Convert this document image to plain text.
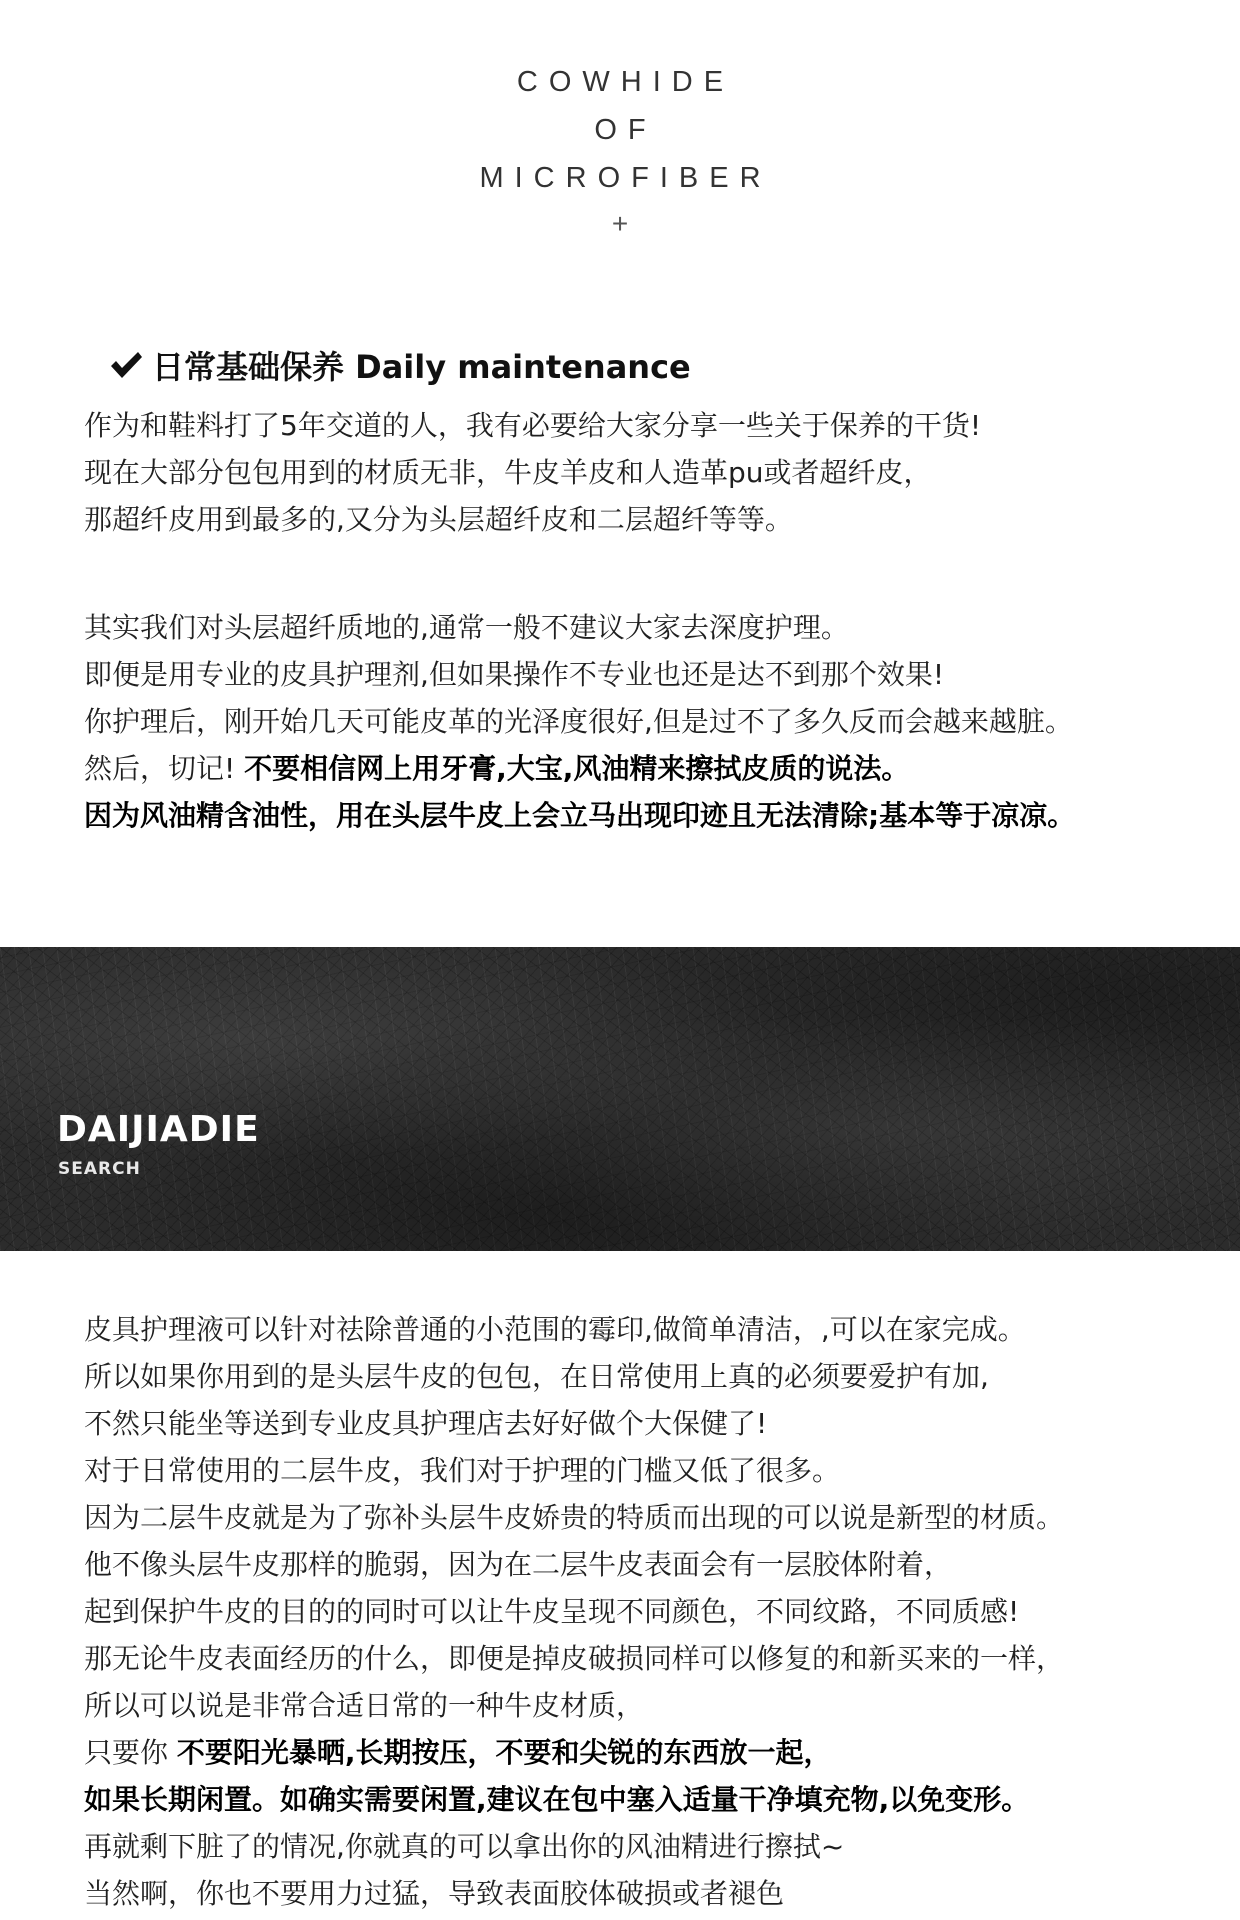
COWHIDE
OF
MICROFIBER
+
日常基础保养 Daily maintenance
作为和鞋料打了5年交道的人，我有必要给大家分享一些关于保养的干货!
现在大部分包包用到的材质无非，牛皮羊皮和人造革pu或者超纤皮，
那超纤皮用到最多的,又分为头层超纤皮和二层超纤等等。
其实我们对头层超纤质地的,通常一般不建议大家去深度护理。
即便是用专业的皮具护理剂,但如果操作不专业也还是达不到那个效果!
你护理后，刚开始几天可能皮革的光泽度很好,但是过不了多久反而会越来越脏。
然后，切记! 不要相信网上用牙膏,大宝,风油精来擦拭皮质的说法。
因为风油精含油性，用在头层牛皮上会立马出现印迹且无法清除;基本等于凉凉。
DAIJIADIE
SEARCH
皮具护理液可以针对祛除普通的小范围的霉印,做简单清洁，,可以在家完成。
所以如果你用到的是头层牛皮的包包，在日常使用上真的必须要爱护有加,
不然只能坐等送到专业皮具护理店去好好做个大保健了!
对于日常使用的二层牛皮，我们对于护理的门槛又低了很多。
因为二层牛皮就是为了弥补头层牛皮娇贵的特质而出现的可以说是新型的材质。
他不像头层牛皮那样的脆弱，因为在二层牛皮表面会有一层胶体附着，
起到保护牛皮的目的的同时可以让牛皮呈现不同颜色，不同纹路，不同质感!
那无论牛皮表面经历的什么，即便是掉皮破损同样可以修复的和新买来的一样，
所以可以说是非常合适日常的一种牛皮材质，
只要你 不要阳光暴晒,长期按压，不要和尖锐的东西放一起，
如果长期闲置。如确实需要闲置,建议在包中塞入适量干净填充物,以免变形。
再就剩下脏了的情况,你就真的可以拿出你的风油精进行擦拭~
当然啊，你也不要用力过猛，导致表面胶体破损或者褪色
